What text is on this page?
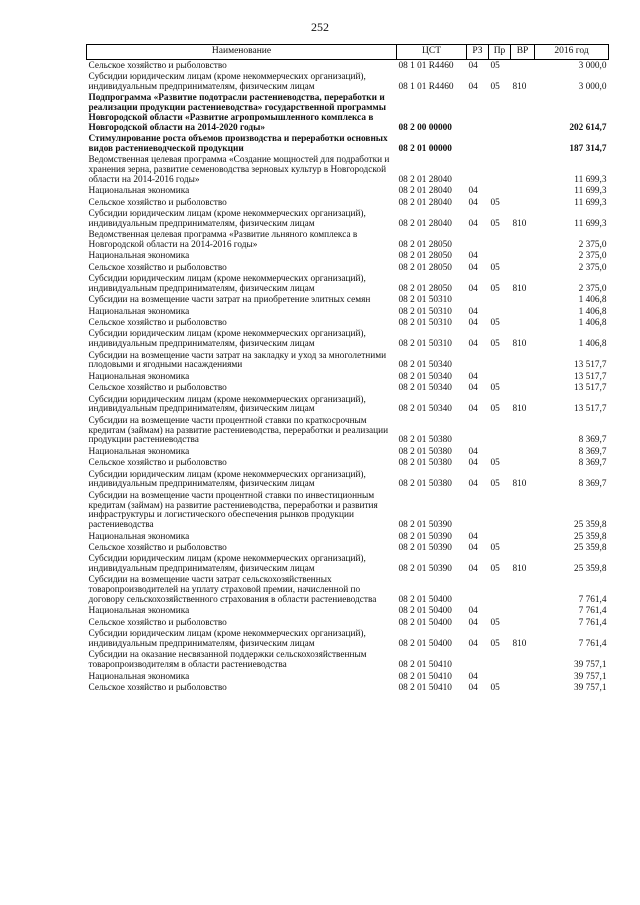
252
Наименование	ЦСТ	РЗ	Пр	ВР	2016 год
Сельское хозяйство и рыболовство	08 1 01 R4460	04	05		3 000,0
Субсидии юридическим лицам (кроме некоммерческих организаций), индивидуальным предпринимателям, физическим лицам	08 1 01 R4460	04	05	810	3 000,0
Подпрограмма «Развитие подотрасли растениеводства, переработки и реализации продукции растениеводства» государственной программы Новгородской области «Развитие агропромышленного комплекса в Новгородской области на 2014-2020 годы»	08 2 00 00000				202 614,7
Стимулирование роста объемов производства и переработки основных видов растениеводческой продукции	08 2 01 00000				187 314,7
Ведомственная целевая программа «Создание мощностей для подработки и хранения зерна, развитие семеноводства зерновых культур в Новгородской области на 2014-2016 годы»	08 2 01 28040				11 699,3
Национальная экономика	08 2 01 28040	04			11 699,3
Сельское хозяйство и рыболовство	08 2 01 28040	04	05		11 699,3
Субсидии юридическим лицам (кроме некоммерческих организаций), индивидуальным предпринимателям, физическим лицам	08 2 01 28040	04	05	810	11 699,3
Ведомственная целевая программа «Развитие льняного комплекса в Новгородской области на 2014-2016 годы»	08 2 01 28050				2 375,0
Национальная экономика	08 2 01 28050	04			2 375,0
Сельское хозяйство и рыболовство	08 2 01 28050	04	05		2 375,0
Субсидии юридическим лицам (кроме некоммерческих организаций), индивидуальным предпринимателям, физическим лицам	08 2 01 28050	04	05	810	2 375,0
Субсидии на возмещение части затрат на приобретение элитных семян	08 2 01 50310				1 406,8
Национальная экономика	08 2 01 50310	04			1 406,8
Сельское хозяйство и рыболовство	08 2 01 50310	04	05		1 406,8
Субсидии юридическим лицам (кроме некоммерческих организаций), индивидуальным предпринимателям, физическим лицам	08 2 01 50310	04	05	810	1 406,8
Субсидии на возмещение части затрат на закладку и уход за многолетними плодовыми и ягодными насаждениями	08 2 01 50340				13 517,7
Национальная экономика	08 2 01 50340	04			13 517,7
Сельское хозяйство и рыболовство	08 2 01 50340	04	05		13 517,7
Субсидии юридическим лицам (кроме некоммерческих организаций), индивидуальным предпринимателям, физическим лицам	08 2 01 50340	04	05	810	13 517,7
Субсидии на возмещение части процентной ставки по краткосрочным кредитам (займам) на развитие растениеводства, переработки и реализации продукции растениеводства	08 2 01 50380				8 369,7
Национальная экономика	08 2 01 50380	04			8 369,7
Сельское хозяйство и рыболовство	08 2 01 50380	04	05		8 369,7
Субсидии юридическим лицам (кроме некоммерческих организаций), индивидуальным предпринимателям, физическим лицам	08 2 01 50380	04	05	810	8 369,7
Субсидии на возмещение части процентной ставки по инвестиционным кредитам (займам) на развитие растениеводства, переработки и развития инфраструктуры и логистического обеспечения рынков продукции растениеводства	08 2 01 50390				25 359,8
Национальная экономика	08 2 01 50390	04			25 359,8
Сельское хозяйство и рыболовство	08 2 01 50390	04	05		25 359,8
Субсидии юридическим лицам (кроме некоммерческих организаций), индивидуальным предпринимателям, физическим лицам	08 2 01 50390	04	05	810	25 359,8
Субсидии на возмещение части затрат сельскохозяйственных товаропроизводителей на уплату страховой премии, начисленной по договору сельскохозяйственного страхования в области растениеводства	08 2 01 50400				7 761,4
Национальная экономика	08 2 01 50400	04			7 761,4
Сельское хозяйство и рыболовство	08 2 01 50400	04	05		7 761,4
Субсидии юридическим лицам (кроме некоммерческих организаций), индивидуальным предпринимателям, физическим лицам	08 2 01 50400	04	05	810	7 761,4
Субсидии на оказание несвязанной поддержки сельскохозяйственным товаропроизводителям в области растениеводства	08 2 01 50410				39 757,1
Национальная экономика	08 2 01 50410	04			39 757,1
Сельское хозяйство и рыболовство	08 2 01 50410	04	05		39 757,1
